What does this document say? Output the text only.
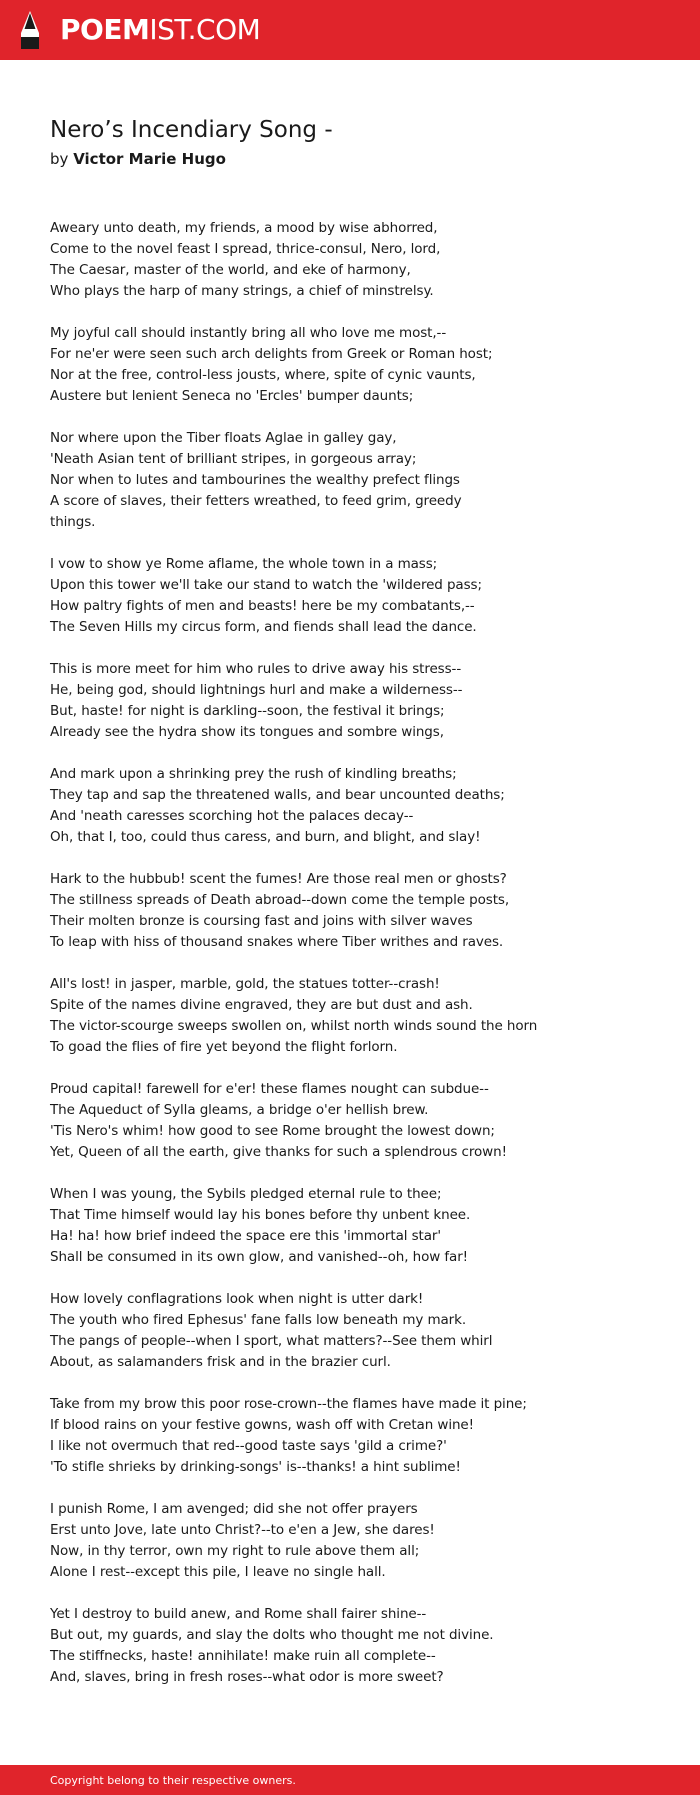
POEMIST.COM
Nero’s Incendiary Song -
by Victor Marie Hugo
Aweary unto death, my friends, a mood by wise abhorred,
Come to the novel feast I spread, thrice-consul, Nero, lord,
The Caesar, master of the world, and eke of harmony,
Who plays the harp of many strings, a chief of minstrelsy.
My joyful call should instantly bring all who love me most,--
For ne'er were seen such arch delights from Greek or Roman host;
Nor at the free, control-less jousts, where, spite of cynic vaunts,
Austere but lenient Seneca no 'Ercles' bumper daunts;
Nor where upon the Tiber floats Aglae in galley gay,
'Neath Asian tent of brilliant stripes, in gorgeous array;
Nor when to lutes and tambourines the wealthy prefect flings
A score of slaves, their fetters wreathed, to feed grim, greedy
things.
I vow to show ye Rome aflame, the whole town in a mass;
Upon this tower we'll take our stand to watch the 'wildered pass;
How paltry fights of men and beasts! here be my combatants,--
The Seven Hills my circus form, and fiends shall lead the dance.
This is more meet for him who rules to drive away his stress--
He, being god, should lightnings hurl and make a wilderness--
But, haste! for night is darkling--soon, the festival it brings;
Already see the hydra show its tongues and sombre wings,
And mark upon a shrinking prey the rush of kindling breaths;
They tap and sap the threatened walls, and bear uncounted deaths;
And 'neath caresses scorching hot the palaces decay--
Oh, that I, too, could thus caress, and burn, and blight, and slay!
Hark to the hubbub! scent the fumes! Are those real men or ghosts?
The stillness spreads of Death abroad--down come the temple posts,
Their molten bronze is coursing fast and joins with silver waves
To leap with hiss of thousand snakes where Tiber writhes and raves.
All's lost! in jasper, marble, gold, the statues totter--crash!
Spite of the names divine engraved, they are but dust and ash.
The victor-scourge sweeps swollen on, whilst north winds sound the horn
To goad the flies of fire yet beyond the flight forlorn.
Proud capital! farewell for e'er! these flames nought can subdue--
The Aqueduct of Sylla gleams, a bridge o'er hellish brew.
'Tis Nero's whim! how good to see Rome brought the lowest down;
Yet, Queen of all the earth, give thanks for such a splendrous crown!
When I was young, the Sybils pledged eternal rule to thee;
That Time himself would lay his bones before thy unbent knee.
Ha! ha! how brief indeed the space ere this 'immortal star'
Shall be consumed in its own glow, and vanished--oh, how far!
How lovely conflagrations look when night is utter dark!
The youth who fired Ephesus' fane falls low beneath my mark.
The pangs of people--when I sport, what matters?--See them whirl
About, as salamanders frisk and in the brazier curl.
Take from my brow this poor rose-crown--the flames have made it pine;
If blood rains on your festive gowns, wash off with Cretan wine!
I like not overmuch that red--good taste says 'gild a crime?'
'To stifle shrieks by drinking-songs' is--thanks! a hint sublime!
I punish Rome, I am avenged; did she not offer prayers
Erst unto Jove, late unto Christ?--to e'en a Jew, she dares!
Now, in thy terror, own my right to rule above them all;
Alone I rest--except this pile, I leave no single hall.
Yet I destroy to build anew, and Rome shall fairer shine--
But out, my guards, and slay the dolts who thought me not divine.
The stiffnecks, haste! annihilate! make ruin all complete--
And, slaves, bring in fresh roses--what odor is more sweet?
Copyright belong to their respective owners.
